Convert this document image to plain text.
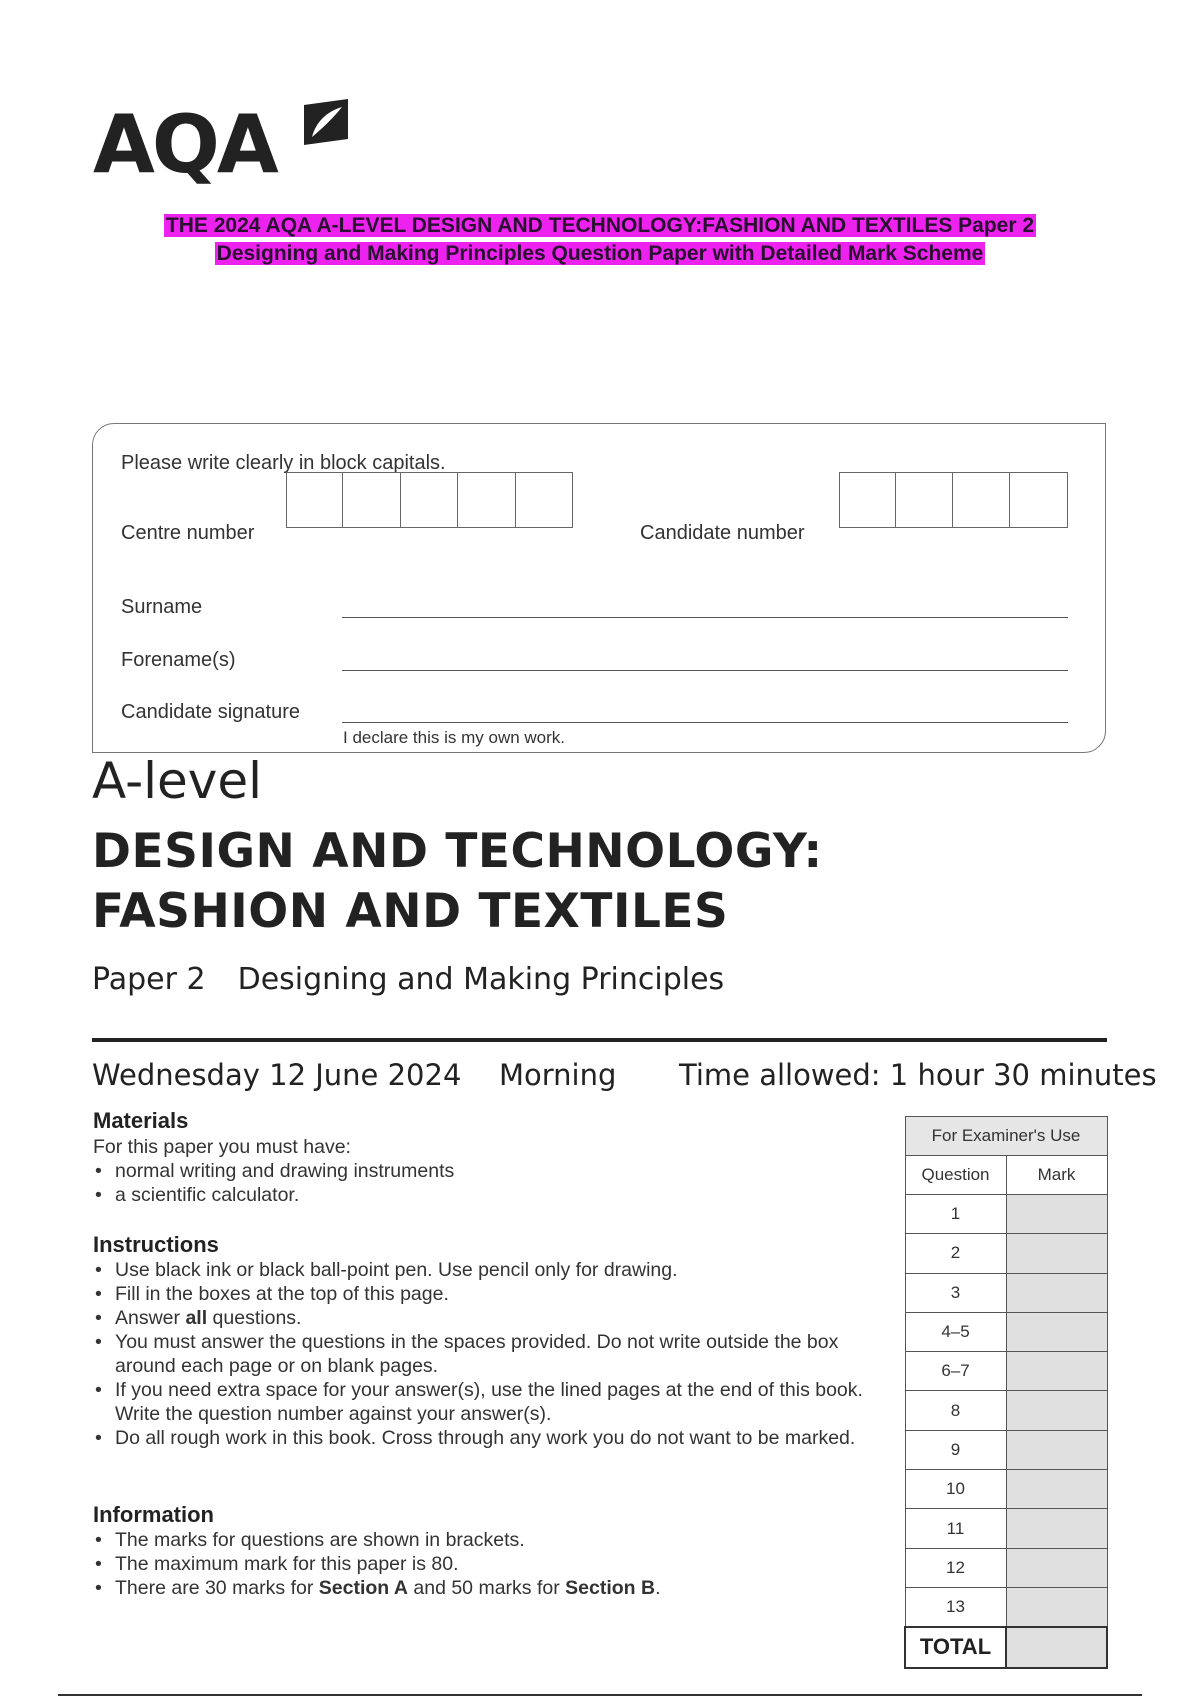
AQA
THE 2024 AQA A-LEVEL DESIGN AND TECHNOLOGY:FASHION AND TEXTILES Paper 2
Designing and Making Principles Question Paper with Detailed Mark Scheme
Please write clearly in block capitals.
Centre number	Candidate number
Surname
Forename(s)
Candidate signature
I declare this is my own work.
A-level
DESIGN AND TECHNOLOGY:
FASHION AND TEXTILES
Paper 2 Designing and Making Principles
Wednesday 12 June 2024 Morning Time allowed: 1 hour 30 minutes
Materials
For this paper you must have:
• normal writing and drawing instruments
• a scientific calculator.
Instructions
• Use black ink or black ball-point pen. Use pencil only for drawing.
• Fill in the boxes at the top of this page.
• Answer all questions.
• You must answer the questions in the spaces provided. Do not write outside the box around each page or on blank pages.
• If you need extra space for your answer(s), use the lined pages at the end of this book. Write the question number against your answer(s).
• Do all rough work in this book. Cross through any work you do not want to be marked.
Information
• The marks for questions are shown in brackets.
• The maximum mark for this paper is 80.
• There are 30 marks for Section A and 50 marks for Section B.
For Examiner's Use	
Question	Mark
1	
2	
3	
4–5	
6–7	
8	
9	
10	
11	
12	
13	
TOTAL	
